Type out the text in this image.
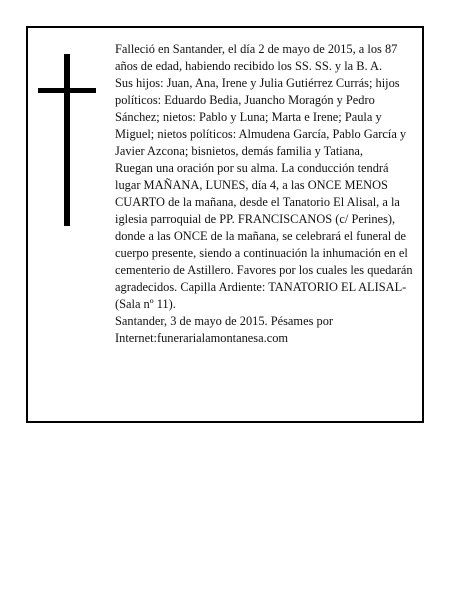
Falleció en Santander, el día 2 de mayo de 2015, a los 87 años de edad, habiendo recibido los SS. SS. y la B. A.

Sus hijos: Juan, Ana, Irene y Julia Gutiérrez Currás; hijos políticos: Eduardo Bedia, Juancho Moragón y Pedro Sánchez; nietos: Pablo y Luna; Marta e Irene; Paula y Miguel; nietos políticos: Almudena García, Pablo García y Javier Azcona; bisnietos, demás familia y Tatiana,

Ruegan una oración por su alma. La conducción tendrá lugar MAÑANA, LUNES, día 4, a las ONCE MENOS CUARTO de la mañana, desde el Tanatorio El Alisal, a la iglesia parroquial de PP. FRANCISCANOS (c/ Perines), donde a las ONCE de la mañana, se celebrará el funeral de cuerpo presente, siendo a continuación la inhumación en el cementerio de Astillero. Favores por los cuales les quedarán agradecidos. Capilla Ardiente: TANATORIO EL ALISAL-(Sala nº 11).

Santander, 3 de mayo de 2015. Pésames por Internet:funerarialamontanesa.com
